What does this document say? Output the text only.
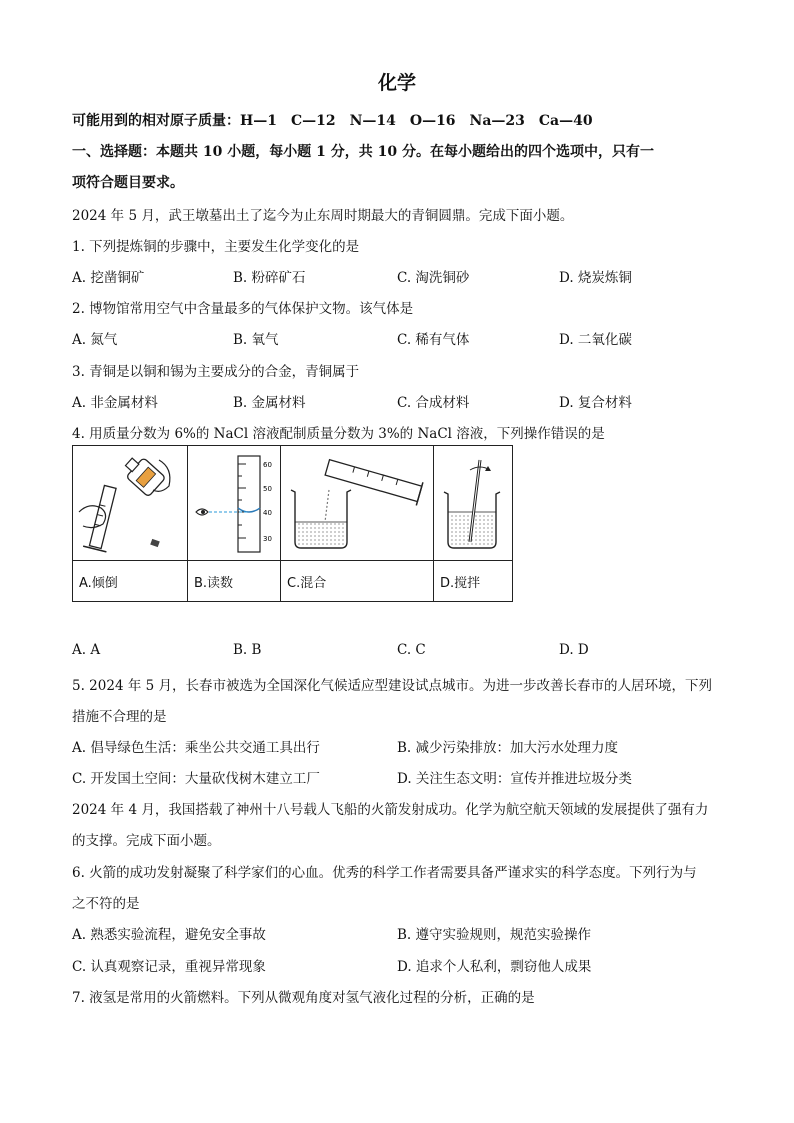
化学
可能用到的相对原子质量：H—1　C—12　N—14　O—16　Na—23　Ca—40
一、选择题：本题共 10 小题，每小题 1 分，共 10 分。在每小题给出的四个选项中，只有一
项符合题目要求。
2024 年 5 月，武王墩墓出土了迄今为止东周时期最大的青铜圆鼎。完成下面小题。
1. 下列提炼铜的步骤中，主要发生化学变化的是
A. 挖凿铜矿	B. 粉碎矿石	C. 淘洗铜砂	D. 烧炭炼铜
2. 博物馆常用空气中含量最多的气体保护文物。该气体是
A. 氮气	B. 氧气	C. 稀有气体	D. 二氧化碳
3. 青铜是以铜和锡为主要成分的合金，青铜属于
A. 非金属材料	B. 金属材料	C. 合成材料	D. 复合材料
4. 用质量分数为 6%的 NaCl 溶液配制质量分数为 3%的 NaCl 溶液，下列操作错误的是

60
50
40
30

A.倾倒	B.读数	C.混合	D.搅拌
A. A	B. B	C. C	D. D
5. 2024 年 5 月，长春市被选为全国深化气候适应型建设试点城市。为进一步改善长春市的人居环境，下列
措施不合理的是
A. 倡导绿色生活：乘坐公共交通工具出行	B. 减少污染排放：加大污水处理力度
C. 开发国土空间：大量砍伐树木建立工厂	D. 关注生态文明：宣传并推进垃圾分类
2024 年 4 月，我国搭载了神州十八号载人飞船的火箭发射成功。化学为航空航天领域的发展提供了强有力
的支撑。完成下面小题。
6. 火箭的成功发射凝聚了科学家们的心血。优秀的科学工作者需要具备严谨求实的科学态度。下列行为与
之不符的是
A. 熟悉实验流程，避免安全事故	B. 遵守实验规则，规范实验操作
C. 认真观察记录，重视异常现象	D. 追求个人私利，剽窃他人成果
7. 液氢是常用的火箭燃料。下列从微观角度对氢气液化过程的分析，正确的是
